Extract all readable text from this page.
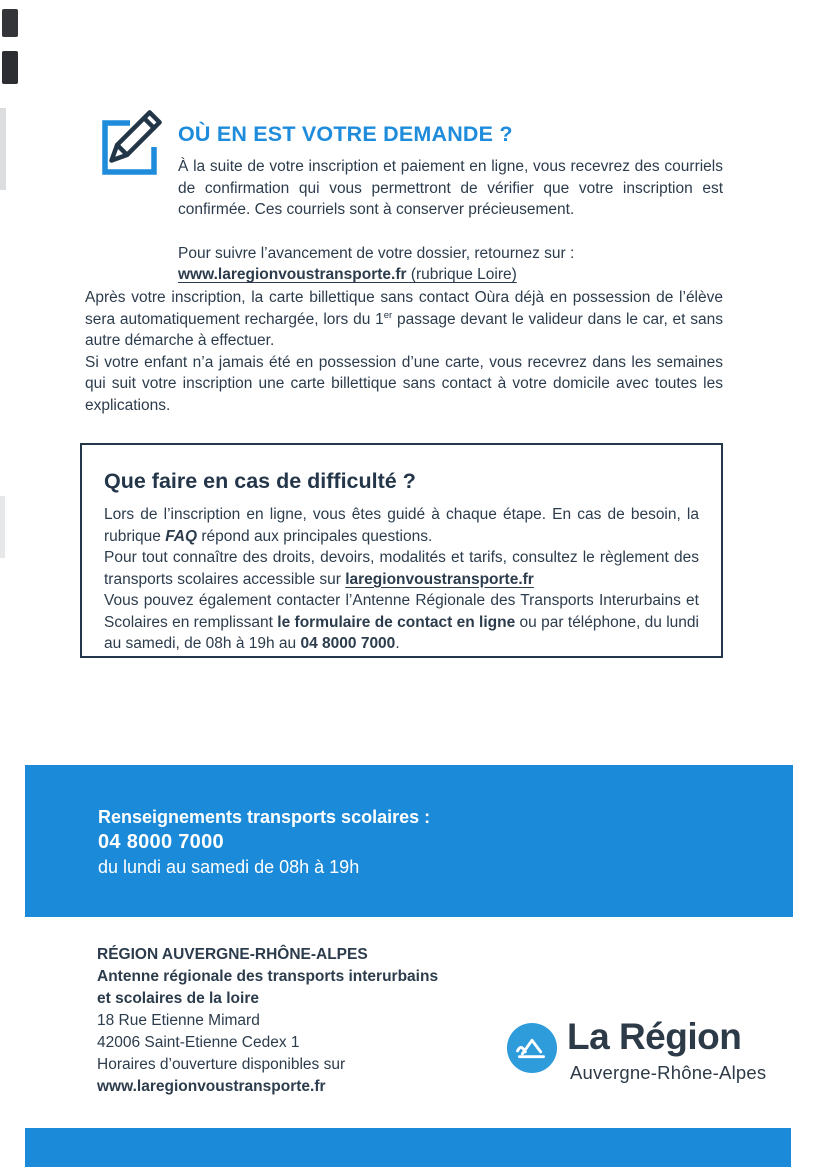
OÙ EN EST VOTRE DEMANDE ?

À la suite de votre inscription et paiement en ligne, vous recevrez des courriels de confirmation qui vous permettront de vérifier que votre inscription est confirmée. Ces courriels sont à conserver précieusement.

Pour suivre l’avancement de votre dossier, retournez sur :

www.laregionvoustransporte.fr (rubrique Loire)

Après votre inscription, la carte billettique sans contact Oùra déjà en possession de l’élève sera automatiquement rechargée, lors du 1er passage devant le valideur dans le car, et sans autre démarche à effectuer.

Si votre enfant n’a jamais été en possession d’une carte, vous recevrez dans les semaines qui suit votre inscription une carte billettique sans contact à votre domicile avec toutes les explications.

Que faire en cas de difficulté ?

Lors de l’inscription en ligne, vous êtes guidé à chaque étape. En cas de besoin, la rubrique FAQ répond aux principales questions.

Pour tout connaître des droits, devoirs, modalités et tarifs, consultez le règlement des transports scolaires accessible sur laregionvoustransporte.fr

Vous pouvez également contacter l’Antenne Régionale des Transports Interurbains et Scolaires en remplissant le formulaire de contact en ligne ou par téléphone, du lundi au samedi, de 08h à 19h au 04 8000 7000.

Renseignements transports scolaires :

04 8000 7000

du lundi au samedi de 08h à 19h

RÉGION AUVERGNE-RHÔNE-ALPES

Antenne régionale des transports interurbains

et scolaires de la loire

18 Rue Etienne Mimard

42006 Saint-Etienne Cedex 1

Horaires d’ouverture disponibles sur

www.laregionvoustransporte.fr

La Région
Auvergne-Rhône-Alpes
